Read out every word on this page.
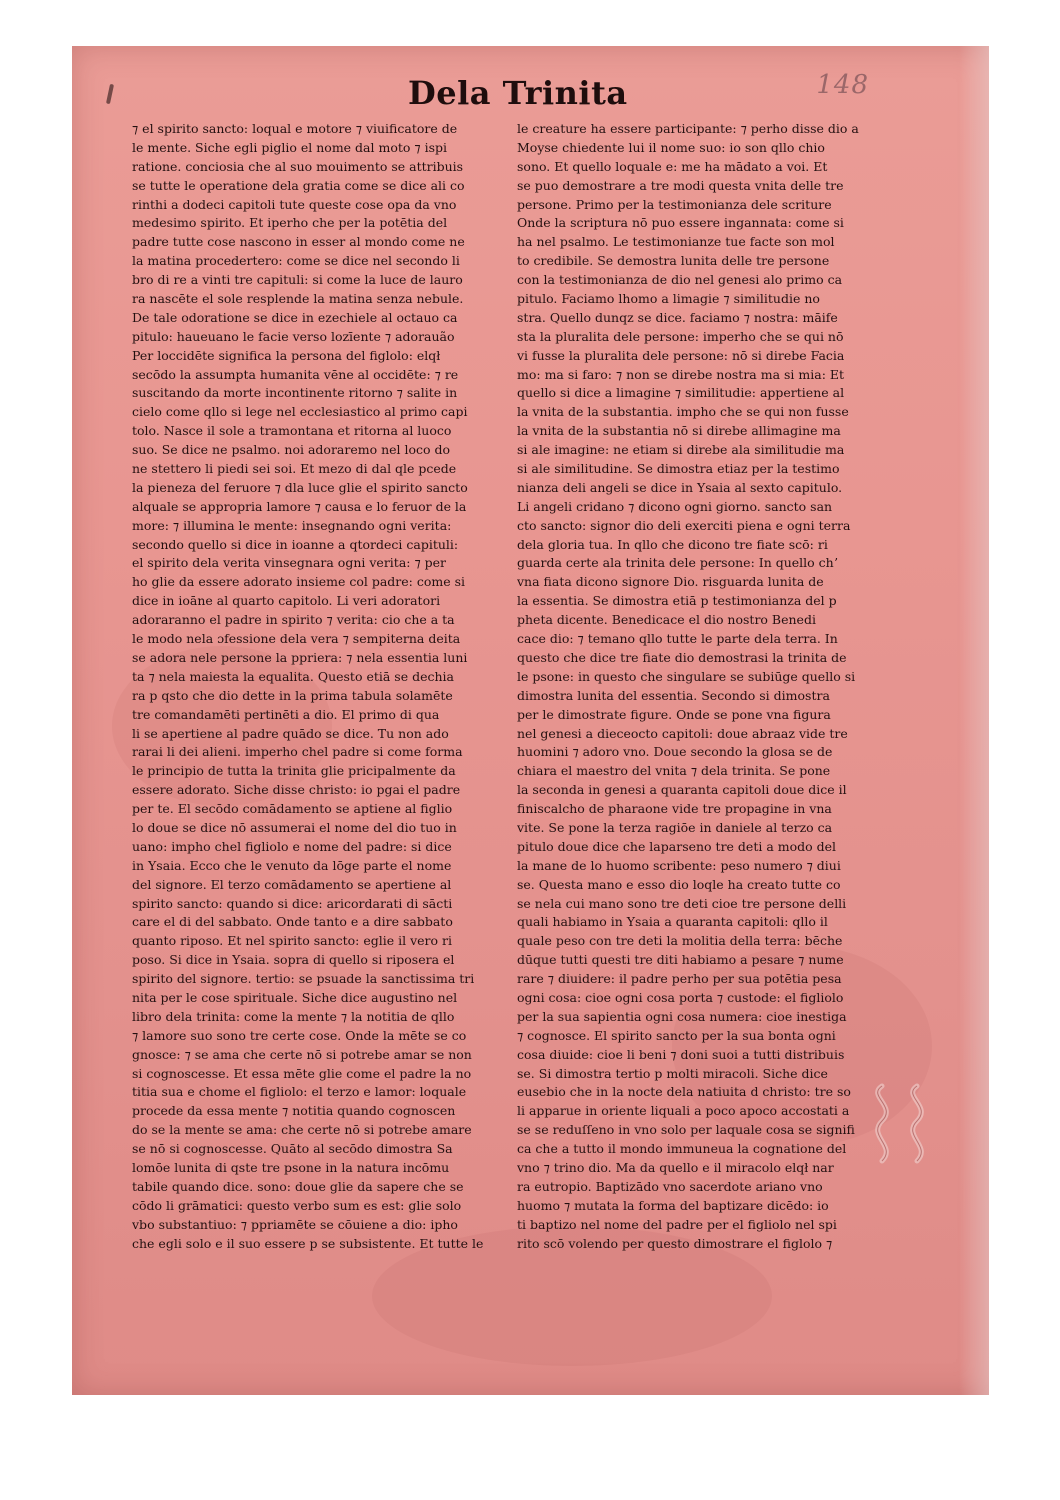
148
Dela Trinita
⁊ el spirito sancto: loqual e motore ⁊ viuificatore de
le mente. Siche egli piglio el nome dal moto ⁊ ispi
ratione. conciosia che al suo mouimento se attribuis
se tutte le operatione dela gratia come se dice ali co
rinthi a dodeci capitoli tute queste cose opa da vno
medesimo spirito. Et iperho che per la potētia del
padre tutte cose nascono in esser al mondo come ne
la matina procedertero: come se dice nel secondo li
bro di re a vinti tre capituli: si come la luce de lauro
ra nascēte el sole resplende la matina senza nebule.
De tale odoratione se dice in ezechiele al octauo ca
pitulo: haueuano le facie verso lozīente ⁊ adorauão
Per loccidēte significa la persona del figlolo: elqł
secōdo la assumpta humanita vēne al occidēte: ⁊ re
suscitando da morte incontinente ritorno ⁊ salite in
cielo come qllo si lege nel ecclesiastico al primo capi
tolo. Nasce il sole a tramontana et ritorna al luoco
suo. Se dice ne psalmo. noi adoraremo nel loco do
ne stettero li piedi sei soi. Et mezo di dal qle pcede
la pieneza del feruore ⁊ dla luce glie el spirito sancto
alquale se appropria lamore ⁊ causa e lo feruor de la
more: ⁊ illumina le mente: insegnando ogni verita:
secondo quello si dice in ioanne a qtordeci capituli:
el spirito dela verita vinsegnara ogni verita: ⁊ per
ho glie da essere adorato insieme col padre: come si
dice in ioāne al quarto capitolo. Li veri adoratori
adoraranno el padre in spirito ⁊ verita: cio che a ta
le modo nela ɔfessione dela vera ⁊ sempiterna deita
se adora nele persone la ppriera: ⁊ nela essentia luni
ta ⁊ nela maiesta la equalita. Questo etiā se dechia
ra p qsto che dio dette in la prima tabula solamēte
tre comandamēti pertinēti a dio. El primo di qua
li se apertiene al padre quādo se dice. Tu non ado
rarai li dei alieni. imperho chel padre si come forma
le principio de tutta la trinita glie pricipalmente da
essere adorato. Siche disse christo: io pgai el padre
per te. El secōdo comādamento se aptiene al figlio
lo doue se dice nō assumerai el nome del dio tuo in
uano: impho chel figliolo e nome del padre: si dice
in Ysaia. Ecco che le venuto da lōge parte el nome
del signore. El terzo comādamento se apertiene al
spirito sancto: quando si dice: aricordarati di sācti
care el di del sabbato. Onde tanto e a dire sabbato
quanto riposo. Et nel spirito sancto: eglie il vero ri
poso. Si dice in Ysaia. sopra di quello si riposera el
spirito del signore. tertio: se psuade la sanctissima tri
nita per le cose spirituale. Siche dice augustino nel
libro dela trinita: come la mente ⁊ la notitia de qllo
⁊ lamore suo sono tre certe cose. Onde la mēte se co
gnosce: ⁊ se ama che certe nō si potrebe amar se non
si cognoscesse. Et essa mēte glie come el padre la no
titia sua e chome el figliolo: el terzo e lamor: loquale
procede da essa mente ⁊ notitia quando cognoscen
do se la mente se ama: che certe nō si potrebe amare
se nō si cognoscesse. Quāto al secōdo dimostra Sa
lomōe lunita di qste tre psone in la natura incōmu
tabile quando dice. sono: doue glie da sapere che se
cōdo li grāmatici: questo verbo sum es est: glie solo
vbo substantiuo: ⁊ ppriamēte se cōuiene a dio: ipho
che egli solo e il suo essere p se subsistente. Et tutte le
le creature ha essere participante: ⁊ perho disse dio a
Moyse chiedente lui il nome suo: io son qllo chio
sono. Et quello loquale e: me ha mādato a voi. Et
se puo demostrare a tre modi questa vnita delle tre
persone. Primo per la testimonianza dele scriture
Onde la scriptura nō puo essere ingannata: come si
ha nel psalmo. Le testimonianze tue facte son mol
to credibile. Se demostra lunita delle tre persone
con la testimonianza de dio nel genesi alo primo ca
pitulo. Faciamo lhomo a limagie ⁊ similitudie no
stra. Quello dunqz se dice. faciamo ⁊ nostra: māife
sta la pluralita dele persone: imperho che se qui nō
vi fusse la pluralita dele persone: nō si direbe Facia
mo: ma si faro: ⁊ non se direbe nostra ma si mia: Et
quello si dice a limagine ⁊ similitudie: appertiene al
la vnita de la substantia. impho che se qui non fusse
la vnita de la substantia nō si direbe allimagine ma
si ale imagine: ne etiam si direbe ala similitudie ma
si ale similitudine. Se dimostra etiaz per la testimo
nianza deli angeli se dice in Ysaia al sexto capitulo.
Li angeli cridano ⁊ dicono ogni giorno. sancto san
cto sancto: signor dio deli exerciti piena e ogni terra
dela gloria tua. In qllo che dicono tre fiate scō: ri
guarda certe ala trinita dele persone: In quello chʼ
vna fiata dicono signore Dio. risguarda lunita de
la essentia. Se dimostra etiā p testimonianza del p
pheta dicente. Benedicace el dio nostro Benedi
cace dio: ⁊ temano qllo tutte le parte dela terra. In
questo che dice tre fiate dio demostrasi la trinita de
le psone: in questo che singulare se subiūge quello si
dimostra lunita del essentia. Secondo si dimostra
per le dimostrate figure. Onde se pone vna figura
nel genesi a dieceocto capitoli: doue abraaz vide tre
huomini ⁊ adoro vno. Doue secondo la glosa se de
chiara el maestro del vnita ⁊ dela trinita. Se pone
la seconda in genesi a quaranta capitoli doue dice il
finiscalcho de pharaone vide tre propagine in vna
vite. Se pone la terza ragiōe in daniele al terzo ca
pitulo doue dice che laparseno tre deti a modo del
la mane de lo huomo scribente: peso numero ⁊ diui
se. Questa mano e esso dio loqle ha creato tutte co
se nela cui mano sono tre deti cioe tre persone delli
quali habiamo in Ysaia a quaranta capitoli: qllo il
quale peso con tre deti la molitia della terra: bēche
dūque tutti questi tre diti habiamo a pesare ⁊ nume
rare ⁊ diuidere: il padre perho per sua potētia pesa
ogni cosa: cioe ogni cosa porta ⁊ custode: el figliolo
per la sua sapientia ogni cosa numera: cioe inestiga
⁊ cognosce. El spirito sancto per la sua bonta ogni
cosa diuide: cioe li beni ⁊ doni suoi a tutti distribuis
se. Si dimostra tertio p molti miracoli. Siche dice
eusebio che in la nocte dela natiuita d christo: tre so
li apparue in oriente liquali a poco apoco accostati a
se se reduſſeno in vno solo per laquale cosa se signifi
ca che a tutto il mondo immuneua la cognatione del
vno ⁊ trino dio. Ma da quello e il miracolo elqł nar
ra eutropio. Baptizādo vno sacerdote ariano vno
huomo ⁊ mutata la forma del baptizare dicēdo: io
ti baptizo nel nome del padre per el figliolo nel spi
rito scō volendo per questo dimostrare el figlolo ⁊
